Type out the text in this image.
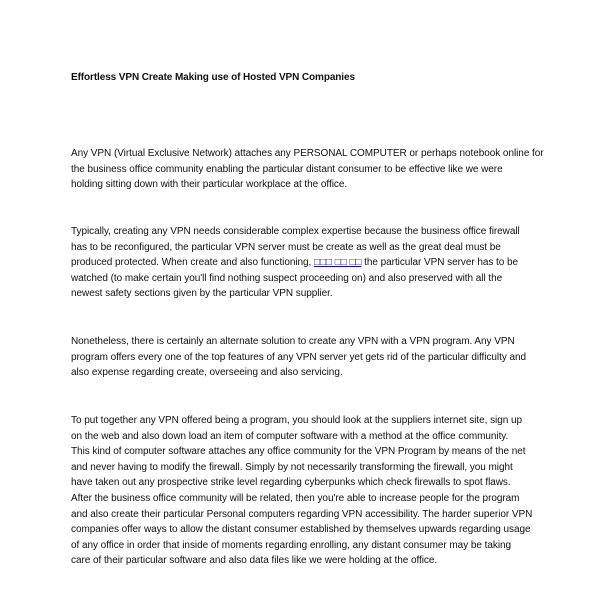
Effortless VPN Create Making use of Hosted VPN Companies

Any VPN (Virtual Exclusive Network) attaches any PERSONAL COMPUTER or perhaps notebook online for
the business office community enabling the particular distant consumer to be effective like we were
holding sitting down with their particular workplace at the office.

Typically, creating any VPN needs considerable complex expertise because the business office firewall
has to be reconfigured, the particular VPN server must be create as well as the great deal must be
produced protected. When create and also functioning, □□□ □□ □□ the particular VPN server has to be
watched (to make certain you'll find nothing suspect proceeding on) and also preserved with all the
newest safety sections given by the particular VPN supplier.

Nonetheless, there is certainly an alternate solution to create any VPN with a VPN program. Any VPN
program offers every one of the top features of any VPN server yet gets rid of the particular difficulty and
also expense regarding create, overseeing and also servicing.

To put together any VPN offered being a program, you should look at the suppliers internet site, sign up
on the web and also down load an item of computer software with a method at the office community.
This kind of computer software attaches any office community for the VPN Program by means of the net
and never having to modify the firewall. Simply by not necessarily transforming the firewall, you might
have taken out any prospective strike level regarding cyberpunks which check firewalls to spot flaws.
After the business office community will be related, then you're able to increase people for the program
and also create their particular Personal computers regarding VPN accessibility. The harder superior VPN
companies offer ways to allow the distant consumer established by themselves upwards regarding usage
of any office in order that inside of moments regarding enrolling, any distant consumer may be taking
care of their particular software and also data files like we were holding at the office.
